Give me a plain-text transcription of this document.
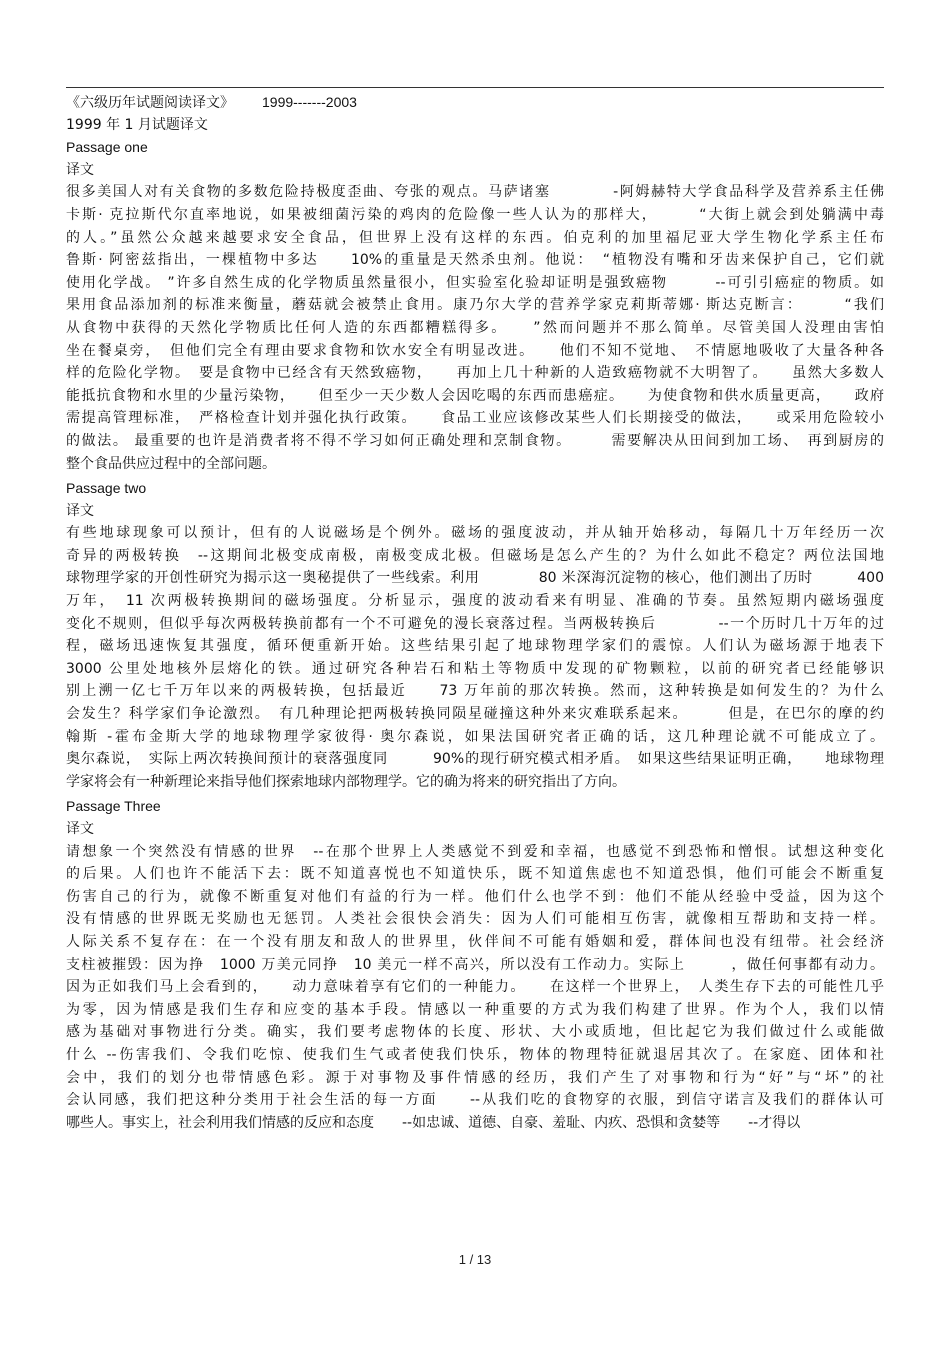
《六级历年试题阅读译文》 1999-------2003
1999 年 1 月试题译文
Passage one
译文
很多美国人对有关食物的多数危险持极度歪曲、夸张的观点。马萨诸塞　　　　-阿姆赫特大学食品科学及营养系主任佛
卡斯· 克拉斯代尔直率地说，如果被细菌污染的鸡肉的危险像一些人认为的那样大，　　　“大街上就会到处躺满中毒
的人。”虽然公众越来越要求安全食品，但世界上没有这样的东西。伯克利的加里福尼亚大学生物化学系主任布
鲁斯· 阿密兹指出，一棵植物中多达　　10%的重量是天然杀虫剂。他说：　“植物没有嘴和牙齿来保护自己，它们就
使用化学战。 ”许多自然生成的化学物质虽然量很小，但实验室化验却证明是强致癌物　　　--可引引癌症的物质。如
果用食品添加剂的标准来衡量，蘑菇就会被禁止食用。康乃尔大学的营养学家克莉斯蒂娜· 斯达克断言：　　　“我们
从食物中获得的天然化学物质比任何人造的东西都糟糕得多。　　”然而问题并不那么简单。尽管美国人没理由害怕
坐在餐桌旁，　但他们完全有理由要求食物和饮水安全有明显改进。　　他们不知不觉地、　不情愿地吸收了大量各种各
样的危险化学物。　要是食物中已经含有天然致癌物，　　再加上几十种新的人造致癌物就不大明智了。　　虽然大多数人
能抵抗食物和水里的少量污染物，　　但至少一天少数人会因吃喝的东西而患癌症。　　为使食物和供水质量更高，　　政府
需提高管理标准，　严格检查计划并强化执行政策。　　食品工业应该修改某些人们长期接受的做法，　　或采用危险较小
的做法。 最重要的也许是消费者将不得不学习如何正确处理和烹制食物。　　　需要解决从田间到加工场、　再到厨房的
整个食品供应过程中的全部问题。
Passage two
译文
有些地球现象可以预计，但有的人说磁场是个例外。磁场的强度波动，并从轴开始移动，每隔几十万年经历一次
奇异的两极转换　--这期间北极变成南极，南极变成北极。但磁场是怎么产生的？为什么如此不稳定？两位法国地
球物理学家的开创性研究为揭示这一奥秘提供了一些线索。利用　　　　80 米深海沉淀物的核心，他们测出了历时　　　400
万年，　11 次两极转换期间的磁场强度。分析显示，强度的波动看来有明显、准确的节奏。虽然短期内磁场强度
变化不规则，但似乎每次两极转换前都有一个不可避免的漫长衰落过程。当两极转换后　　　　--一个历时几十万年的过
程，磁场迅速恢复其强度，循环便重新开始。这些结果引起了地球物理学家们的震惊。人们认为磁场源于地表下
3000 公里处地核外层熔化的铁。通过研究各种岩石和粘土等物质中发现的矿物颗粒，以前的研究者已经能够识
别上溯一亿七千万年以来的两极转换，包括最近　　73 万年前的那次转换。然而，这种转换是如何发生的？为什么
会发生？科学家们争论激烈。　有几种理论把两极转换同陨星碰撞这种外来灾难联系起来。　　　但是，在巴尔的摩的约
翰斯 -霍布金斯大学的地球物理学家彼得· 奥尔森说，如果法国研究者正确的话，这几种理论就不可能成立了。
奥尔森说，　实际上两次转换间预计的衰落强度同　　　90%的现行研究模式相矛盾。　如果这些结果证明正确，　　地球物理
学家将会有一种新理论来指导他们探索地球内部物理学。它的确为将来的研究指出了方向。
Passage Three
译文
请想象一个突然没有情感的世界　--在那个世界上人类感觉不到爱和幸福，也感觉不到恐怖和憎恨。试想这种变化
的后果。人们也许不能活下去：既不知道喜悦也不知道快乐，既不知道焦虑也不知道恐惧，他们可能会不断重复
伤害自己的行为，就像不断重复对他们有益的行为一样。他们什么也学不到：他们不能从经验中受益，因为这个
没有情感的世界既无奖励也无惩罚。人类社会很快会消失：因为人们可能相互伤害，就像相互帮助和支持一样。
人际关系不复存在：在一个没有朋友和敌人的世界里，伙伴间不可能有婚姻和爱，群体间也没有纽带。社会经济
支柱被摧毁：因为挣　1000 万美元同挣　10 美元一样不高兴，所以没有工作动力。实际上　　　，做任何事都有动力。
因为正如我们马上会看到的，　　动力意味着享有它们的一种能力。　　在这样一个世界上，　人类生存下去的可能性几乎
为零，因为情感是我们生存和应变的基本手段。情感以一种重要的方式为我们构建了世界。作为个人，我们以情
感为基础对事物进行分类。确实，我们要考虑物体的长度、形状、大小或质地，但比起它为我们做过什么或能做
什么 --伤害我们、令我们吃惊、使我们生气或者使我们快乐，物体的物理特征就退居其次了。在家庭、团体和社
会中，我们的划分也带情感色彩。源于对事物及事件情感的经历，我们产生了对事物和行为“好”与“坏”的社
会认同感，我们把这种分类用于社会生活的每一方面　　--从我们吃的食物穿的衣服，到信守诺言及我们的群体认可
哪些人。事实上，社会利用我们情感的反应和态度　　--如忠诚、道德、自豪、羞耻、内疚、恐惧和贪婪等　　--才得以
1 / 13
